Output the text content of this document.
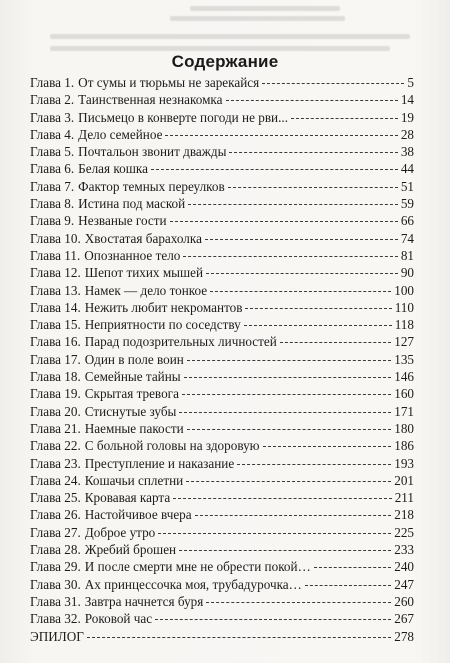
Содержание
Глава 1. От сумы и тюрьмы не зарекайся	5
Глава 2. Таинственная незнакомка	14
Глава 3. Письмецо в конверте погоди не рви...	19
Глава 4. Дело семейное	28
Глава 5. Почтальон звонит дважды	38
Глава 6. Белая кошка	44
Глава 7. Фактор темных переулков	51
Глава 8. Истина под маской	59
Глава 9. Незваные гости	66
Глава 10. Хвостатая барахолка	74
Глава 11. Опознанное тело	81
Глава 12. Шепот тихих мышей	90
Глава 13. Намек — дело тонкое	100
Глава 14. Нежить любит некромантов	110
Глава 15. Неприятности по соседству	118
Глава 16. Парад подозрительных личностей	127
Глава 17. Один в поле воин	135
Глава 18. Семейные тайны	146
Глава 19. Скрытая тревога	160
Глава 20. Стиснутые зубы	171
Глава 21. Наемные пакости	180
Глава 22. С больной головы на здоровую	186
Глава 23. Преступление и наказание	193
Глава 24. Кошачьи сплетни	201
Глава 25. Кровавая карта	211
Глава 26. Настойчивое вчера	218
Глава 27. Доброе утро	225
Глава 28. Жребий брошен	233
Глава 29. И после смерти мне не обрести покой…	240
Глава 30. Ах принцессочка моя, трубадурочка…	247
Глава 31. Завтра начнется буря	260
Глава 32. Роковой час	267
ЭПИЛОГ	278
